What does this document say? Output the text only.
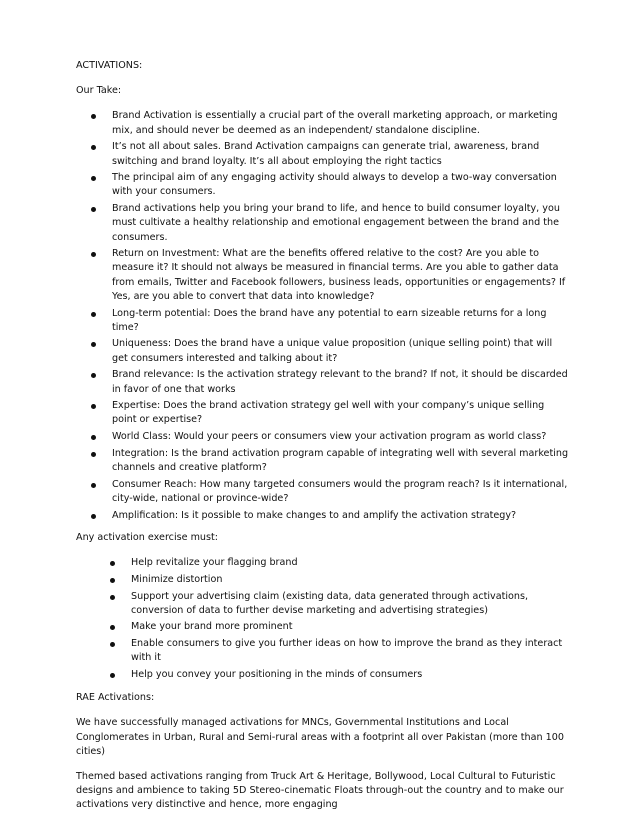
ACTIVATIONS:
Our Take:
Brand Activation is essentially a crucial part of the overall marketing approach, or marketing mix, and should never be deemed as an independent/ standalone discipline.
It’s not all about sales. Brand Activation campaigns can generate trial, awareness, brand switching and brand loyalty. It’s all about employing the right tactics
The principal aim of any engaging activity should always to develop a two-way conversation with your consumers.
Brand activations help you bring your brand to life, and hence to build consumer loyalty, you must cultivate a healthy relationship and emotional engagement between the brand and the consumers.
Return on Investment: What are the benefits offered relative to the cost? Are you able to measure it? It should not always be measured in financial terms. Are you able to gather data from emails, Twitter and Facebook followers, business leads, opportunities or engagements? If Yes, are you able to convert that data into knowledge?
Long-term potential: Does the brand have any potential to earn sizeable returns for a long time?
Uniqueness: Does the brand have a unique value proposition (unique selling point) that will get consumers interested and talking about it?
Brand relevance: Is the activation strategy relevant to the brand? If not, it should be discarded in favor of one that works
Expertise: Does the brand activation strategy gel well with your company’s unique selling point or expertise?
World Class: Would your peers or consumers view your activation program as world class?
Integration: Is the brand activation program capable of integrating well with several marketing channels and creative platform?
Consumer Reach: How many targeted consumers would the program reach? Is it international, city-wide, national or province-wide?
Amplification: Is it possible to make changes to and amplify the activation strategy?
Any activation exercise must:
Help revitalize your flagging brand
Minimize distortion
Support your advertising claim (existing data, data generated through activations, conversion of data to further devise marketing and advertising strategies)
Make your brand more prominent
Enable consumers to give you further ideas on how to improve the brand as they interact with it
Help you convey your positioning in the minds of consumers
RAE Activations:
We have successfully managed activations for MNCs, Governmental Institutions and Local Conglomerates in Urban, Rural and Semi-rural areas with a footprint all over Pakistan (more than 100 cities)
Themed based activations ranging from Truck Art & Heritage, Bollywood, Local Cultural to Futuristic designs and ambience to taking 5D Stereo-cinematic Floats through-out the country and to make our activations very distinctive and hence, more engaging
